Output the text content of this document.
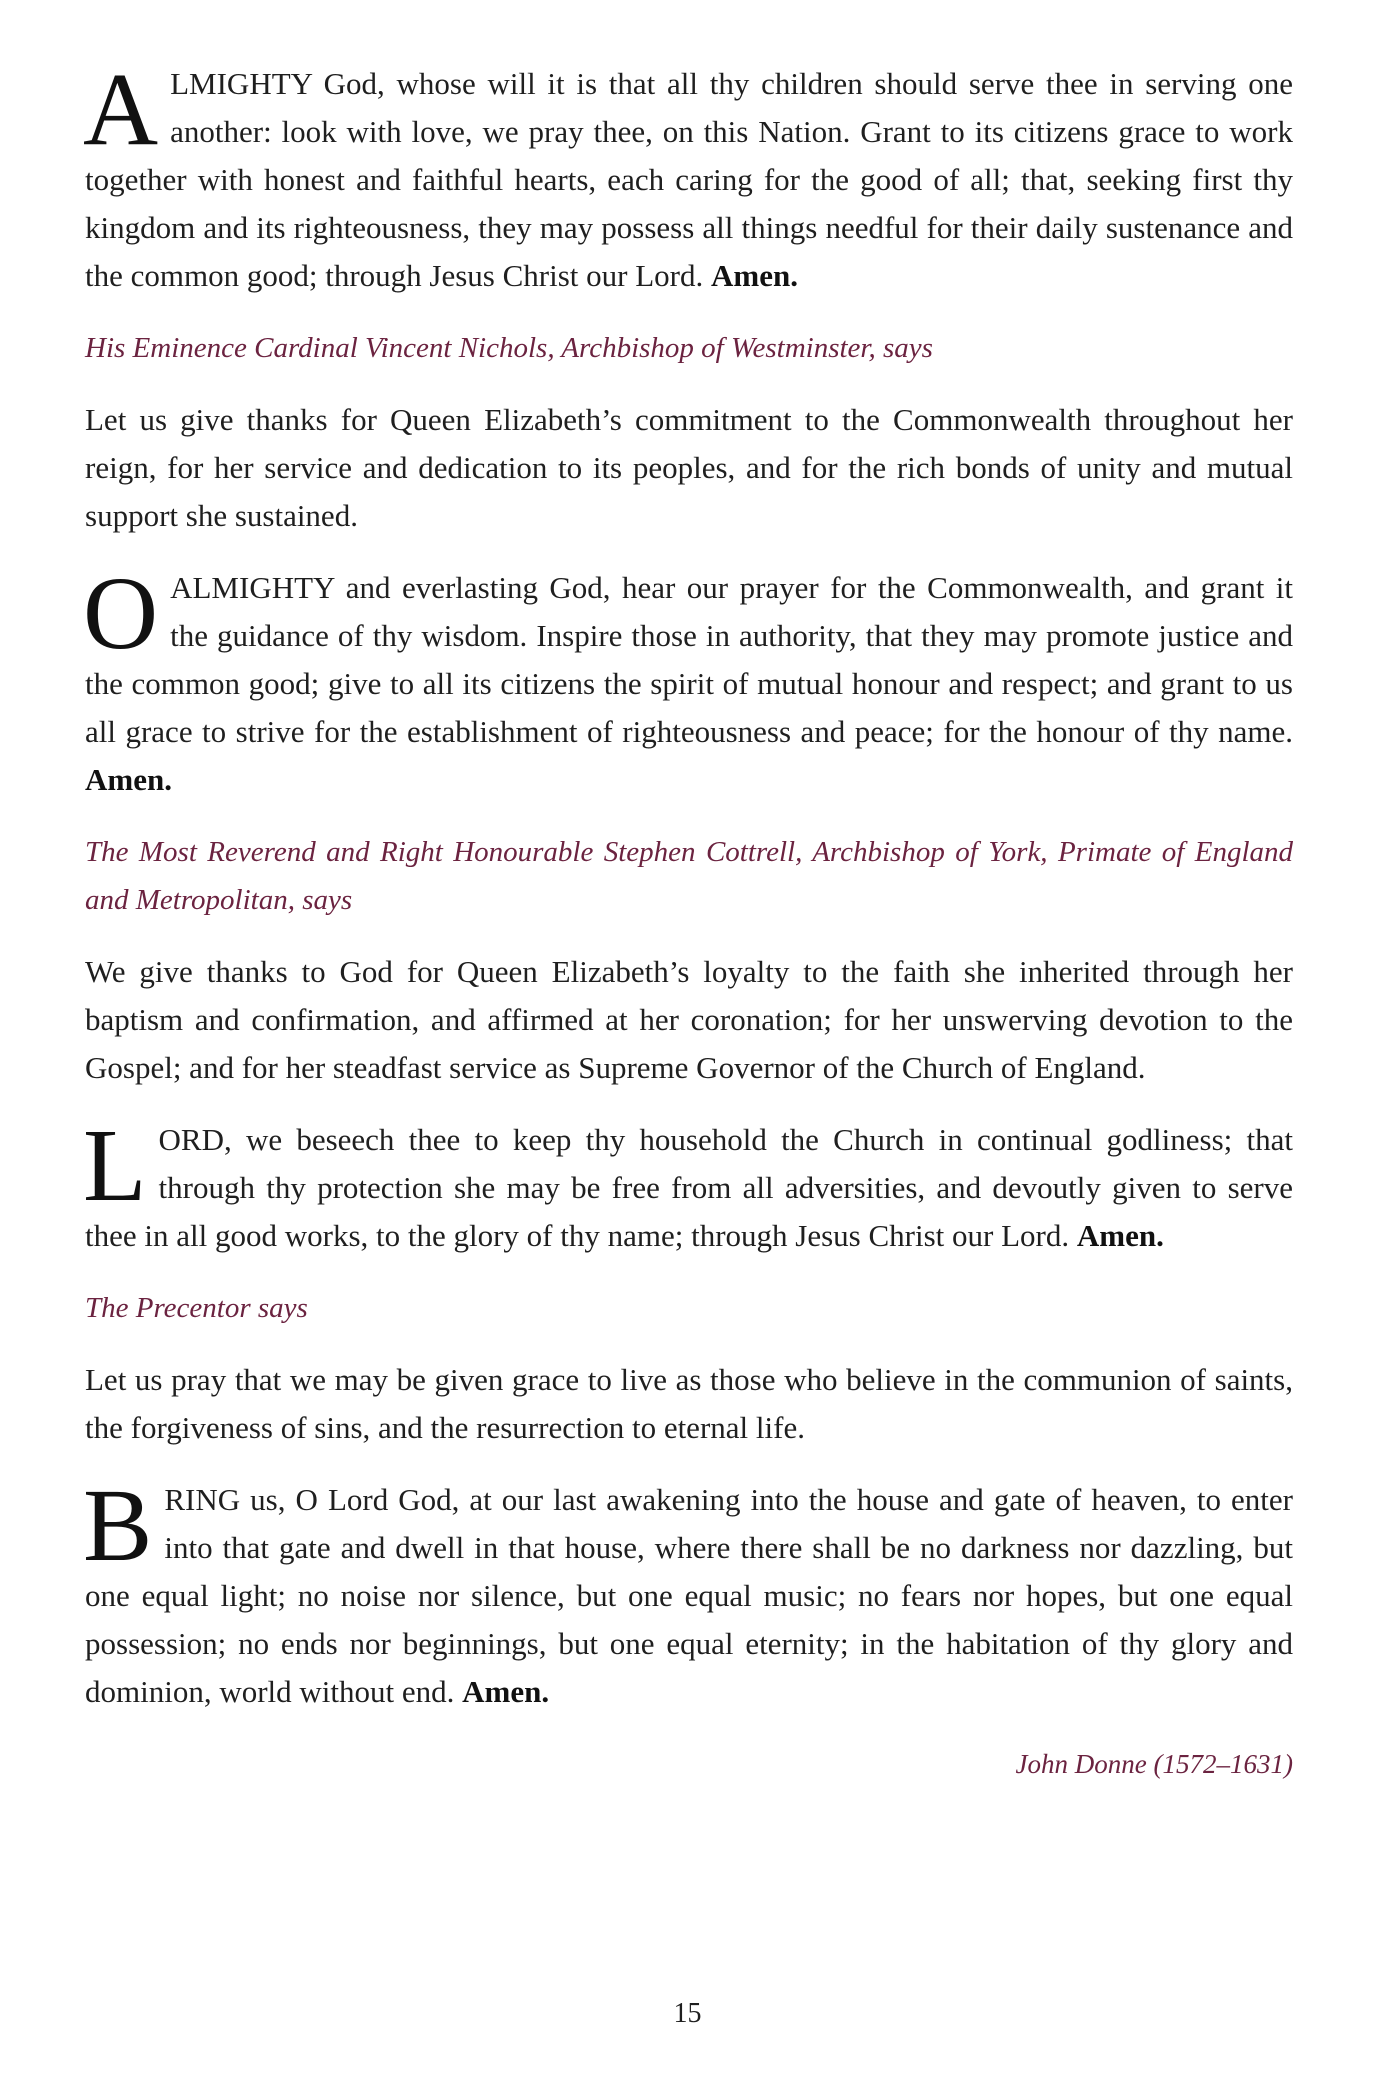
ALMIGHTY God, whose will it is that all thy children should serve thee in serving one another: look with love, we pray thee, on this Nation. Grant to its citizens grace to work together with honest and faithful hearts, each caring for the good of all; that, seeking first thy kingdom and its righteousness, they may possess all things needful for their daily sustenance and the common good; through Jesus Christ our Lord. Amen.

His Eminence Cardinal Vincent Nichols, Archbishop of Westminster, says

Let us give thanks for Queen Elizabeth’s commitment to the Commonwealth throughout her reign, for her service and dedication to its peoples, and for the rich bonds of unity and mutual support she sustained.

O ALMIGHTY and everlasting God, hear our prayer for the Commonwealth, and grant it the guidance of thy wisdom. Inspire those in authority, that they may promote justice and the common good; give to all its citizens the spirit of mutual honour and respect; and grant to us all grace to strive for the establishment of righteousness and peace; for the honour of thy name. Amen.

The Most Reverend and Right Honourable Stephen Cottrell, Archbishop of York, Primate of England and Metropolitan, says

We give thanks to God for Queen Elizabeth’s loyalty to the faith she inherited through her baptism and confirmation, and affirmed at her coronation; for her unswerving devotion to the Gospel; and for her steadfast service as Supreme Governor of the Church of England.

LORD, we beseech thee to keep thy household the Church in continual godliness; that through thy protection she may be free from all adversities, and devoutly given to serve thee in all good works, to the glory of thy name; through Jesus Christ our Lord. Amen.

The Precentor says

Let us pray that we may be given grace to live as those who believe in the communion of saints, the forgiveness of sins, and the resurrection to eternal life.

BRING us, O Lord God, at our last awakening into the house and gate of heaven, to enter into that gate and dwell in that house, where there shall be no darkness nor dazzling, but one equal light; no noise nor silence, but one equal music; no fears nor hopes, but one equal possession; no ends nor beginnings, but one equal eternity; in the habitation of thy glory and dominion, world without end. Amen.

John Donne (1572–1631)

15
